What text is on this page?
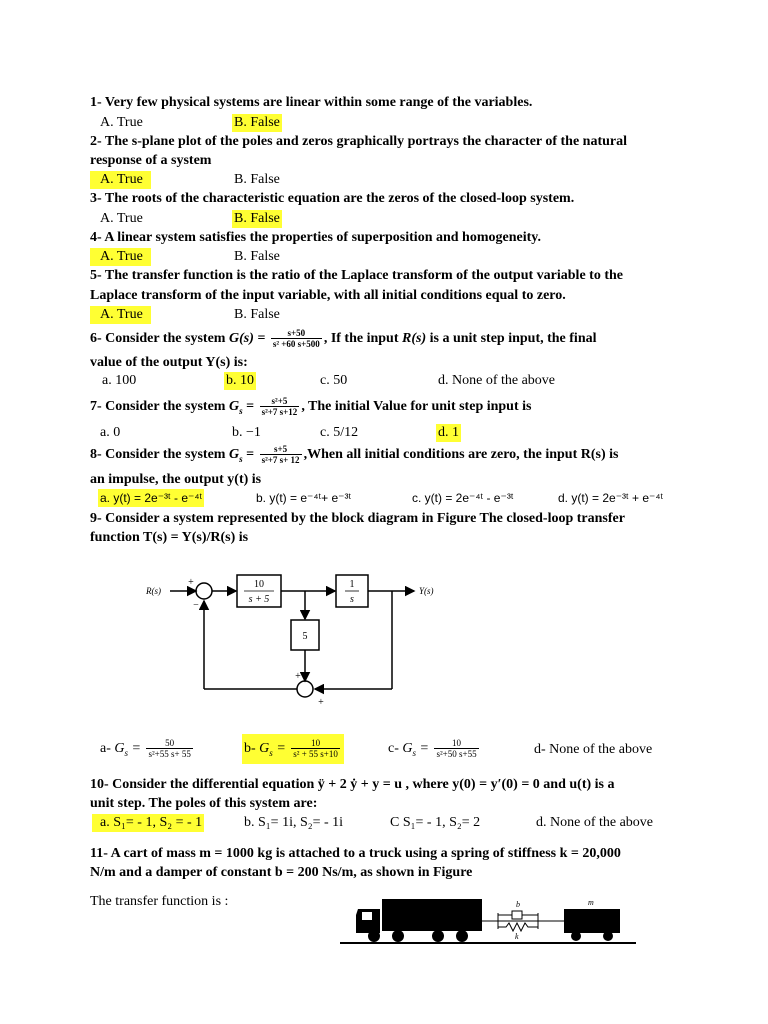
1- Very few physical systems are linear within some range of the variables.
A. True	B. False
2- The s-plane plot of the poles and zeros graphically portrays the character of the natural
response of a system
A. True	B. False
3- The roots of the characteristic equation are the zeros of the closed-loop system.
A. True	B. False
4- A linear system satisfies the properties of superposition and homogeneity.
A. True	B. False
5- The transfer function is the ratio of the Laplace transform of the output variable to the
Laplace transform of the input variable, with all initial conditions equal to zero.
A. True	B. False
6- Consider the system $G(s) = \frac{s+50}{\text{s² +60 s+500}}$ , If the input R(s) is a unit step input, the final
value of the output Y(s) is:
a. 100	b. 10	c. 50	d. None of the above
7- Consider the system $G_s = \frac{\text{s²+5}}{\text{s²+7 s+12}}$ , The initial Value for unit step input is
a. 0	b. −1	c. 5/12	d. 1
8- Consider the system $G_s = \frac{s+5}{\text{s²+7 s+ 12}}$ ,When all initial conditions are zero, the input R(s) is
an impulse, the output y(t) is
a. y(t) = 2e⁻³ᵗ - e⁻⁴ᵗ	b. y(t) = e⁻⁴ᵗ+ e⁻³ᵗ	c. y(t) = 2e⁻⁴ᵗ - e⁻³ᵗ	d. y(t) = 2e⁻³ᵗ + e⁻⁴ᵗ
9- Consider a system represented by the block diagram in Figure The closed-loop transfer
function T(s) = Y(s)/R(s) is
R(s)	Y(s)
10
s + 5
1
s
5
+
−
+
+
a- $G_s = \frac{50}{\text{s²+55 s+ 55}}$	b- $G_s = \frac{10}{\text{s² + 55 s+10}}$	c- $G_s = \frac{10}{\text{s²+50 s+55}}$	d- None of the above
10- Consider the differential equation ÿ + 2 ẏ + y = u , where y(0) = y′(0) = 0 and u(t) is a
unit step. The poles of this system are:
a. S₁= - 1, S₂ = - 1	b. S₁= 1i, S₂= - 1i	C S₁= - 1, S₂= 2	d. None of the above
11- A cart of mass m = 1000 kg is attached to a truck using a spring of stiffness k = 20,000
N/m and a damper of constant b = 200 Ns/m, as shown in Figure
The transfer function is :	b
k
m
